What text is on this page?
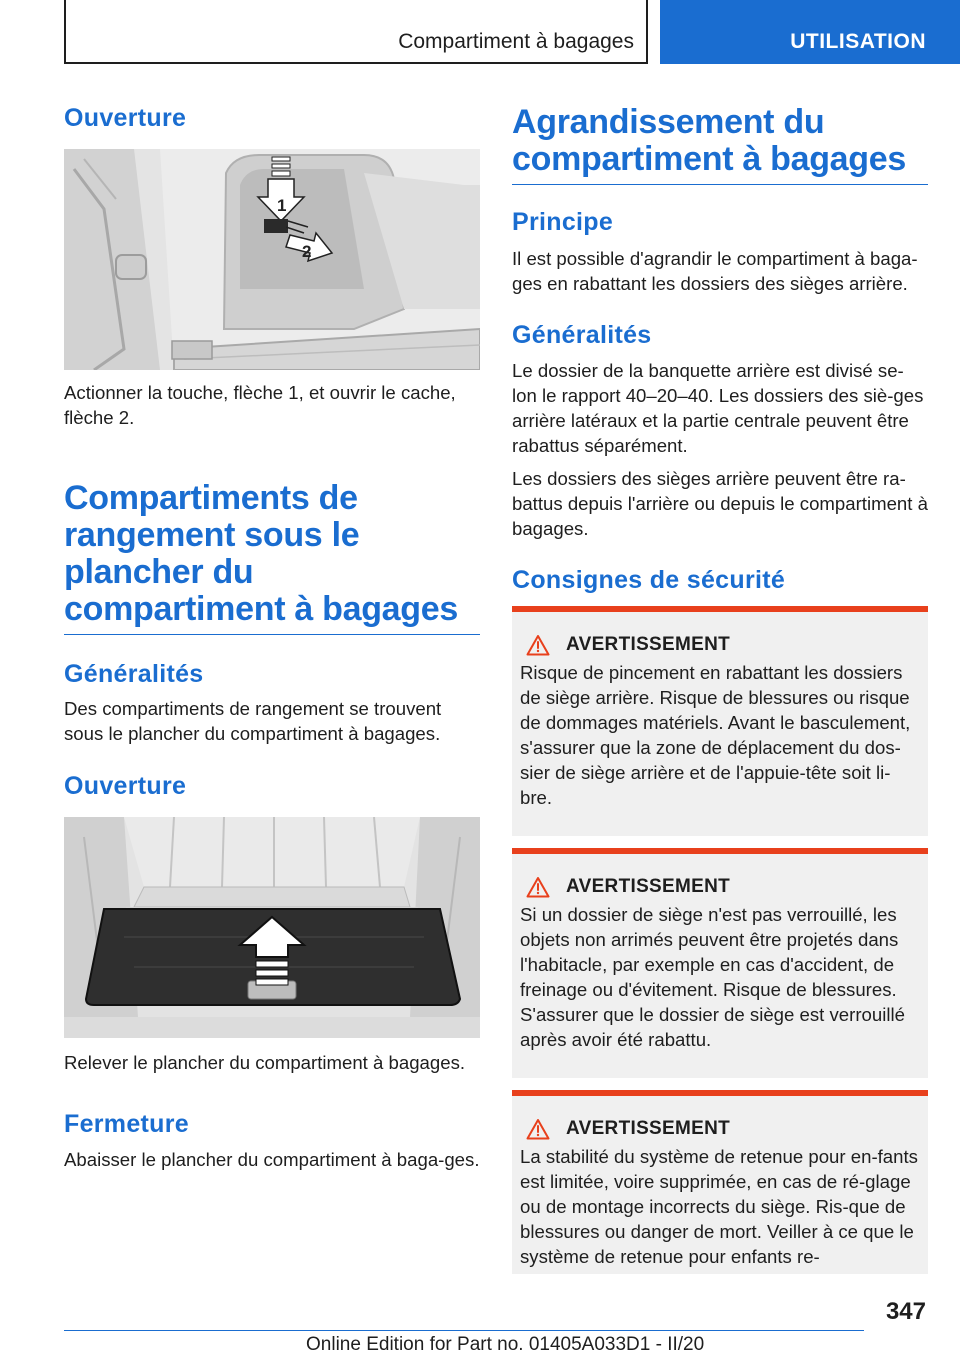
Compartiment à bagages	UTILISATION
Ouverture
1
2

Actionner la touche, flèche 1, et ouvrir le cache, flèche 2.

Compartiments de rangement sous le plancher du compartiment à bagages
Généralités

Des compartiments de rangement se trouvent sous le plancher du compartiment à bagages.

Ouverture

Relever le plancher du compartiment à bagages.

Fermeture

Abaisser le plancher du compartiment à baga-ges.

Agrandissement du compartiment à bagages
Principe

Il est possible d'agrandir le compartiment à baga-ges en rabattant les dossiers des sièges arrière.

Généralités

Le dossier de la banquette arrière est divisé se-lon le rapport 40–20–40. Les dossiers des siè-ges arrière latéraux et la partie centrale peuvent être rabattus séparément.

Les dossiers des sièges arrière peuvent être ra-battus depuis l'arrière ou depuis le compartiment à bagages.

Consignes de sécurité
AVERTISSEMENT
Risque de pincement en rabattant les dossiers de siège arrière. Risque de blessures ou risque de dommages matériels. Avant le basculement, s'assurer que la zone de déplacement du dos-sier de siège arrière et de l'appuie-tête soit li-bre.
AVERTISSEMENT
Si un dossier de siège n'est pas verrouillé, les objets non arrimés peuvent être projetés dans l'habitacle, par exemple en cas d'accident, de freinage ou d'évitement. Risque de blessures. S'assurer que le dossier de siège est verrouillé après avoir été rabattu.
AVERTISSEMENT
La stabilité du système de retenue pour en-fants est limitée, voire supprimée, en cas de ré-glage ou de montage incorrects du siège. Ris-que de blessures ou danger de mort. Veiller à ce que le système de retenue pour enfants re-
347
Online Edition for Part no. 01405A033D1 - II/20
